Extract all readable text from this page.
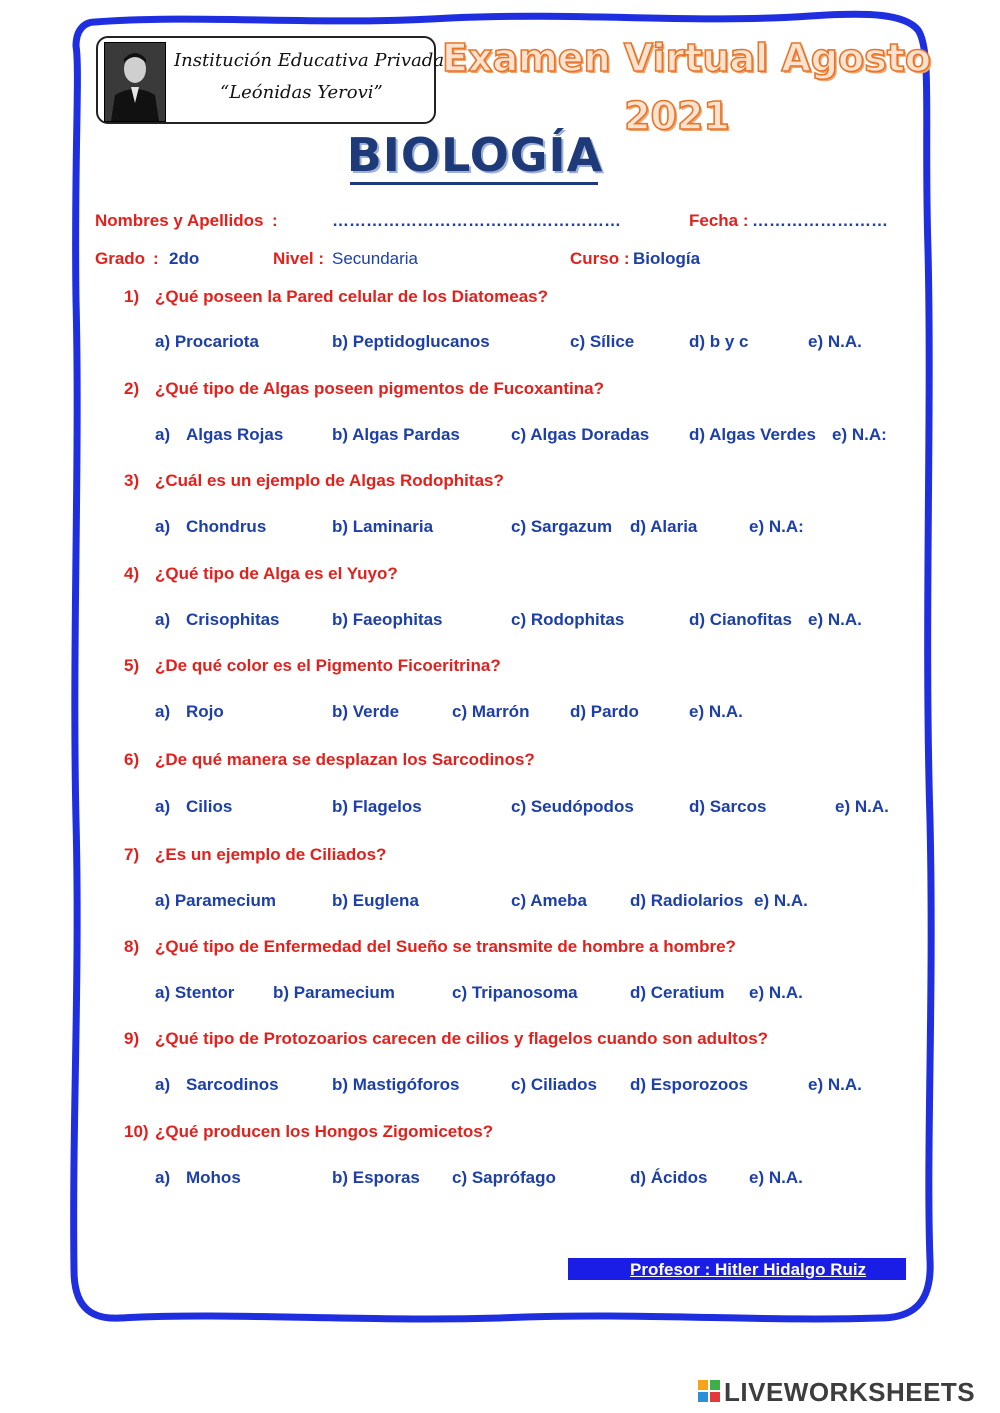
Institución Educativa Privada
“Leónidas Yerovi”
Examen Virtual Agosto
2021
BIOLOGÍA
Nombres y Apellidos :	……………………………………………	Fecha : ……………………
Grado : 2do	Nivel : Secundaria	Curso : Biología
1) ¿Qué poseen la Pared celular de los Diatomeas?
a) Procariota	b) Peptidoglucanos	c) Sílice	d) b y c	e) N.A.
2) ¿Qué tipo de Algas poseen pigmentos de Fucoxantina?
a) Algas Rojas	b) Algas Pardas	c) Algas Doradas d) Algas Verdes e) N.A:
3) ¿Cuál es un ejemplo de Algas Rodophitas?
a) Chondrus	b) Laminaria	c) Sargazum d) Alaria	e) N.A:
4) ¿Qué tipo de Alga es el Yuyo?
a) Crisophitas	b) Faeophitas	c) Rodophitas	d) Cianofitas e) N.A.
5) ¿De qué color es el Pigmento Ficoeritrina?
a) Rojo	b) Verde	c) Marrón d) Pardo	e) N.A.
6) ¿De qué manera se desplazan los Sarcodinos?
a) Cilios	b) Flagelos	c) Seudópodos	d) Sarcos	e) N.A.
7) ¿Es un ejemplo de Ciliados?
a) Paramecium	b) Euglena	c) Ameba	d) Radiolarios e) N.A.
8) ¿Qué tipo de Enfermedad del Sueño se transmite de hombre a hombre?
a) Stentor b) Paramecium	c) Tripanosoma	d) Ceratium e) N.A.
9) ¿Qué tipo de Protozoarios carecen de cilios y flagelos cuando son adultos?
a) Sarcodinos	b) Mastigóforos	c) Ciliados d) Esporozoos	e) N.A.
10) ¿Qué producen los Hongos Zigomicetos?
a) Mohos	b) Esporas c) Saprófago	d) Ácidos e) N.A.
Profesor : Hitler Hidalgo Ruiz
LIVEWORKSHEETS
